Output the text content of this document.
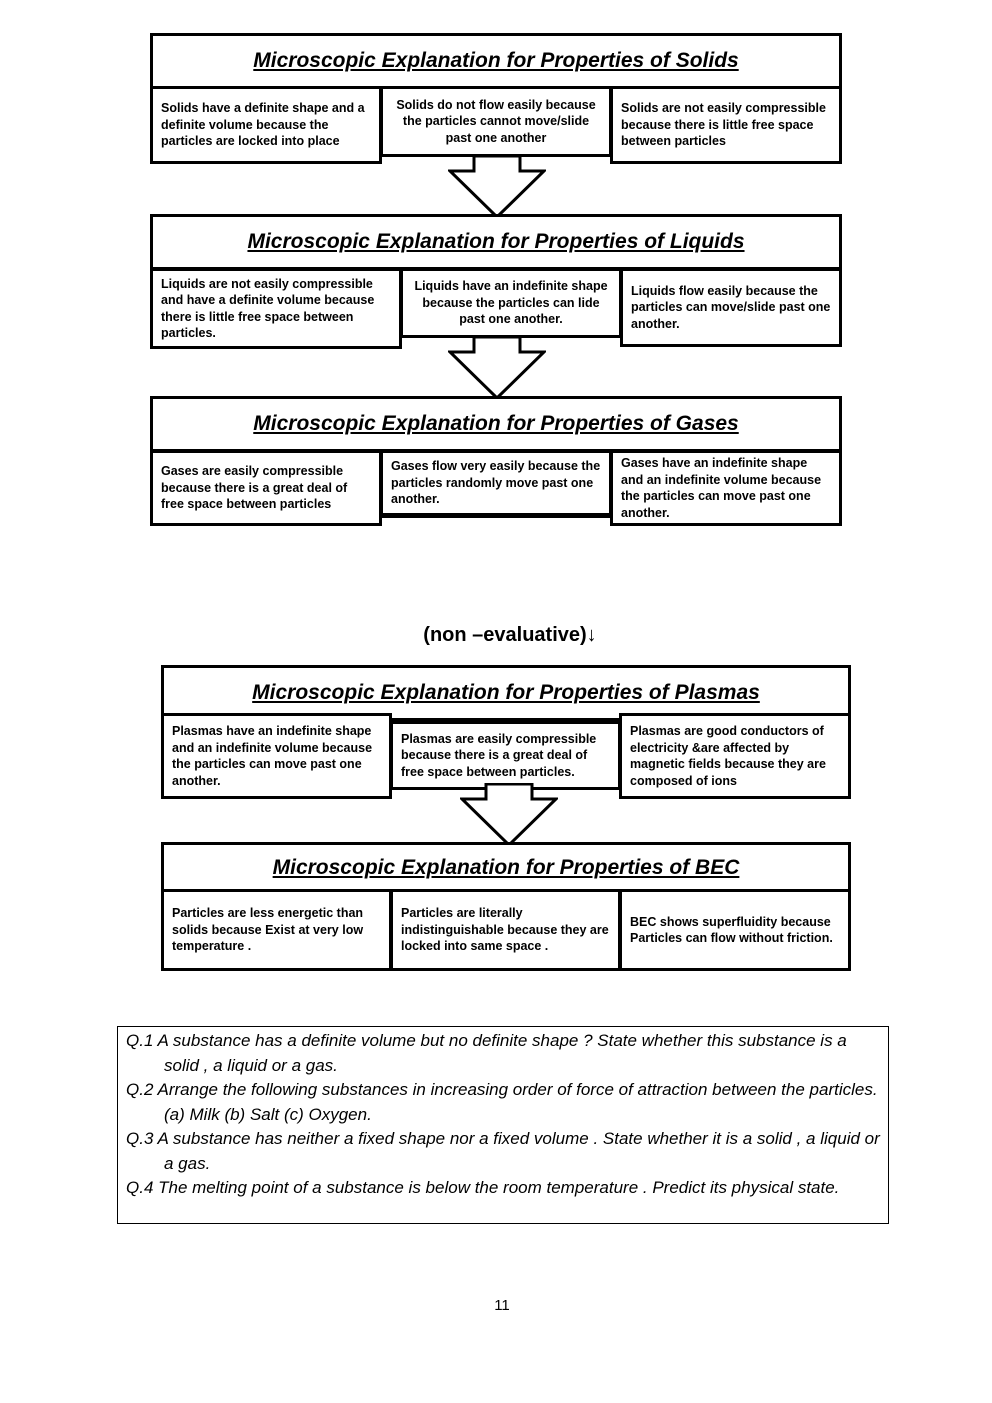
Microscopic Explanation for Properties of Solids
Solids have a definite shape and a definite volume because the particles are locked into place
Solids do not flow easily because the particles cannot move/slide past one another
Solids are not easily compressible because there is little free space between particles
Microscopic Explanation for Properties of Liquids
Liquids are not easily compressible and have a definite volume because there is little free space between particles.
Liquids have an indefinite shape because the particles can lide past one another.
Liquids flow easily because the particles can move/slide past one another.
Microscopic Explanation for Properties of Gases
Gases are easily compressible because there is a great deal of free space between particles
Gases flow very easily because the particles randomly move past one another.
Gases have an indefinite shape and an indefinite volume because the particles can move past one another.
(non –evaluative)↓
Microscopic Explanation for Properties of Plasmas
Plasmas have an indefinite shape and an indefinite volume because the particles can move past one another.
Plasmas are easily compressible because there is a great deal of free space between particles.
Plasmas are good conductors of electricity &are affected by magnetic fields because they are composed of ions
Microscopic Explanation for Properties of BEC
Particles are less energetic than solids because Exist at very low temperature .
Particles are literally indistinguishable because they are locked into same space .
BEC shows superfluidity because Particles can flow without friction.
Q.1 A substance has a definite volume but no definite shape ? State whether this substance is a solid , a liquid or a gas.
Q.2 Arrange the following substances in increasing order of force of attraction between the particles. (a) Milk (b) Salt (c) Oxygen.
Q.3 A substance has neither a fixed shape nor a fixed volume . State whether it is a solid , a liquid or a gas.
Q.4 The melting point of a substance is below the room temperature . Predict its physical state.
11
